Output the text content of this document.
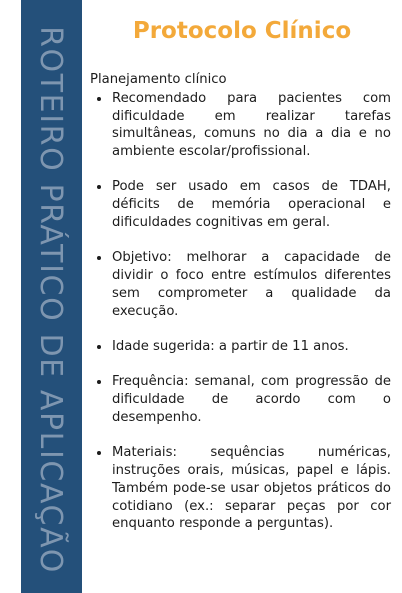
ROTEIRO PRÁTICO DE APLICAÇÃO	Protocolo Clínico

Planejamento clínico

Recomendado para pacientes com dificuldade em realizar tarefas simultâneas, comuns no dia a dia e no ambiente escolar/profissional.
Pode ser usado em casos de TDAH, déficits de memória operacional e dificuldades cognitivas em geral.
Objetivo: melhorar a capacidade de dividir o foco entre estímulos diferentes sem comprometer a qualidade da execução.
Idade sugerida: a partir de 11 anos.
Frequência: semanal, com progressão de dificuldade de acordo com o desempenho.
Materiais: sequências numéricas, instruções orais, músicas, papel e lápis. Também pode-se usar objetos práticos do cotidiano (ex.: separar peças por cor enquanto responde a perguntas).
